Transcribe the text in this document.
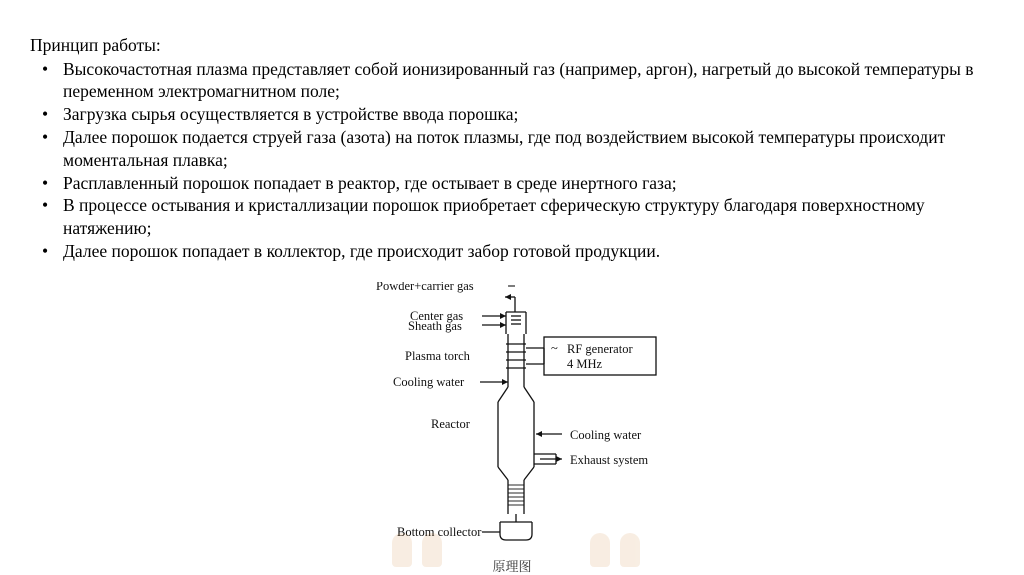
Принцип работы:

• Высокочастотная плазма представляет собой ионизированный газ (например, аргон), нагретый до высокой температуры в переменном электромагнитном поле;
• Загрузка сырья осуществляется в устройстве ввода порошка;
• Далее порошок подается струей газа (азота) на поток плазмы, где под воздействием высокой температуры происходит моментальная плавка;
• Расплавленный порошок попадает в реактор, где остывает в среде инертного газа;
• В процессе остывания и кристаллизации порошок приобретает сферическую структуру благодаря поверхностному натяжению;
• Далее порошок попадает в коллектор, где происходит забор готовой продукции.
Powder+carrier gas
Center gas
Sheath gas
Plasma torch
Cooling water
Reactor
~ RF generator
4 MHz
Cooling water
Exhaust system
Bottom collector
原理图
